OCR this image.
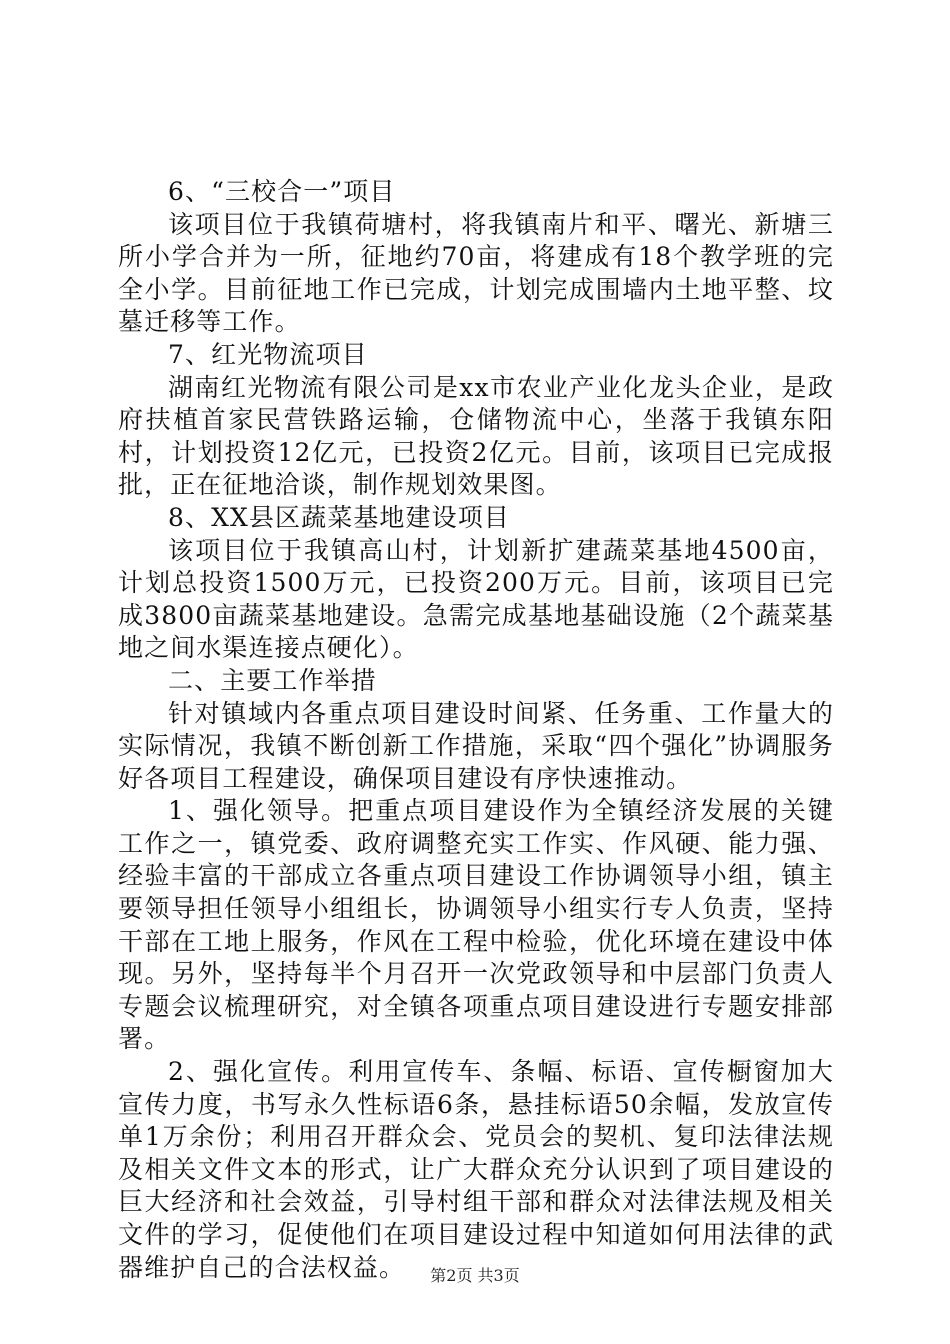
6、“三校合一”项目

该项目位于我镇荷塘村，将我镇南片和平、曙光、新塘三所小学合并为一所，征地约70亩，将建成有18个教学班的完全小学。目前征地工作已完成，计划完成围墙内土地平整、坟墓迁移等工作。

7、红光物流项目

湖南红光物流有限公司是xx市农业产业化龙头企业，是政府扶植首家民营铁路运输，仓储物流中心，坐落于我镇东阳村，计划投资12亿元，已投资2亿元。目前，该项目已完成报批，正在征地洽谈，制作规划效果图。

8、XX县区蔬菜基地建设项目

该项目位于我镇高山村，计划新扩建蔬菜基地4500亩，计划总投资1500万元，已投资200万元。目前，该项目已完成3800亩蔬菜基地建设。急需完成基地基础设施（2个蔬菜基地之间水渠连接点硬化）。

二、主要工作举措

针对镇域内各重点项目建设时间紧、任务重、工作量大的实际情况，我镇不断创新工作措施，采取“四个强化”协调服务好各项目工程建设，确保项目建设有序快速推动。

1、强化领导。把重点项目建设作为全镇经济发展的关键工作之一，镇党委、政府调整充实工作实、作风硬、能力强、经验丰富的干部成立各重点项目建设工作协调领导小组，镇主要领导担任领导小组组长，协调领导小组实行专人负责，坚持干部在工地上服务，作风在工程中检验，优化环境在建设中体现。另外，坚持每半个月召开一次党政领导和中层部门负责人专题会议梳理研究，对全镇各项重点项目建设进行专题安排部署。

2、强化宣传。利用宣传车、条幅、标语、宣传橱窗加大宣传力度，书写永久性标语6条，悬挂标语50余幅，发放宣传单1万余份；利用召开群众会、党员会的契机、复印法律法规及相关文件文本的形式，让广大群众充分认识到了项目建设的巨大经济和社会效益，引导村组干部和群众对法律法规及相关文件的学习，促使他们在项目建设过程中知道如何用法律的武器维护自己的合法权益。	第2页 共3页
